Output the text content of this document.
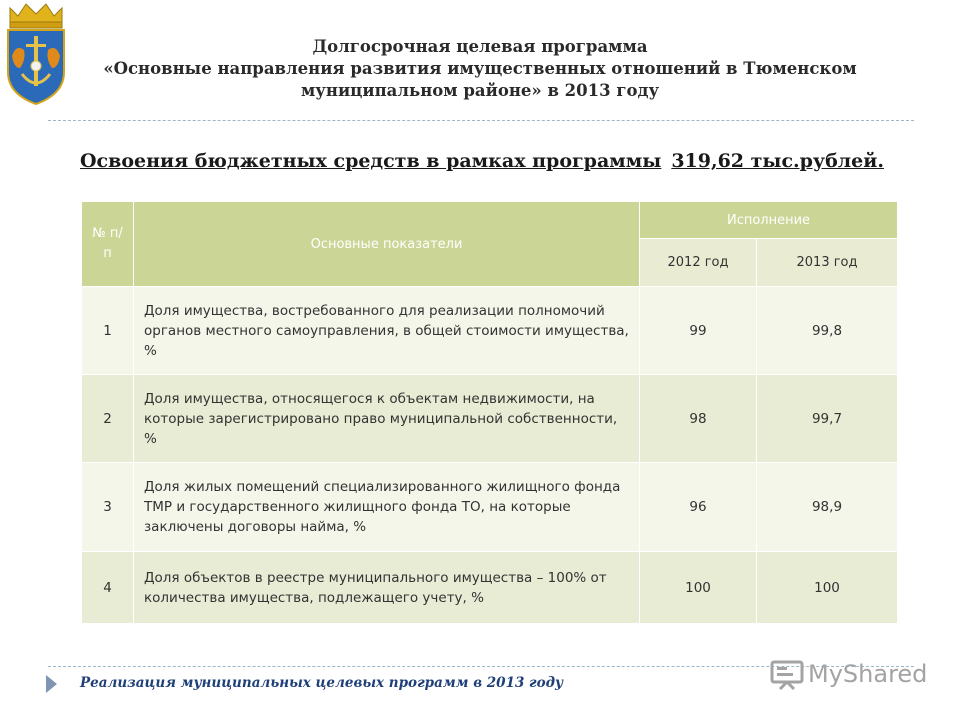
Долгосрочная целевая программа
«Основные направления развития имущественных отношений в Тюменском
муниципальном районе» в 2013 году
Освоения бюджетных средств в рамках программы 319,62 тыс.рублей.
№ п/п	Основные показатели	Исполнение	
		2012 год	2013 год
1	Доля имущества, востребованного для реализации полномочий органов местного самоуправления, в общей стоимости имущества, %	99	99,8
2	Доля имущества, относящегося к объектам недвижимости, на которые зарегистрировано право муниципальной собственности, %	98	99,7
3	Доля жилых помещений специализированного жилищного фонда ТМР и государственного жилищного фонда ТО, на которые заключены договоры найма, %	96	98,9
4	Доля объектов в реестре муниципального имущества – 100% от количества имущества, подлежащего учету, %	100	100
Реализация муниципальных целевых программ в 2013 году	MyShared
